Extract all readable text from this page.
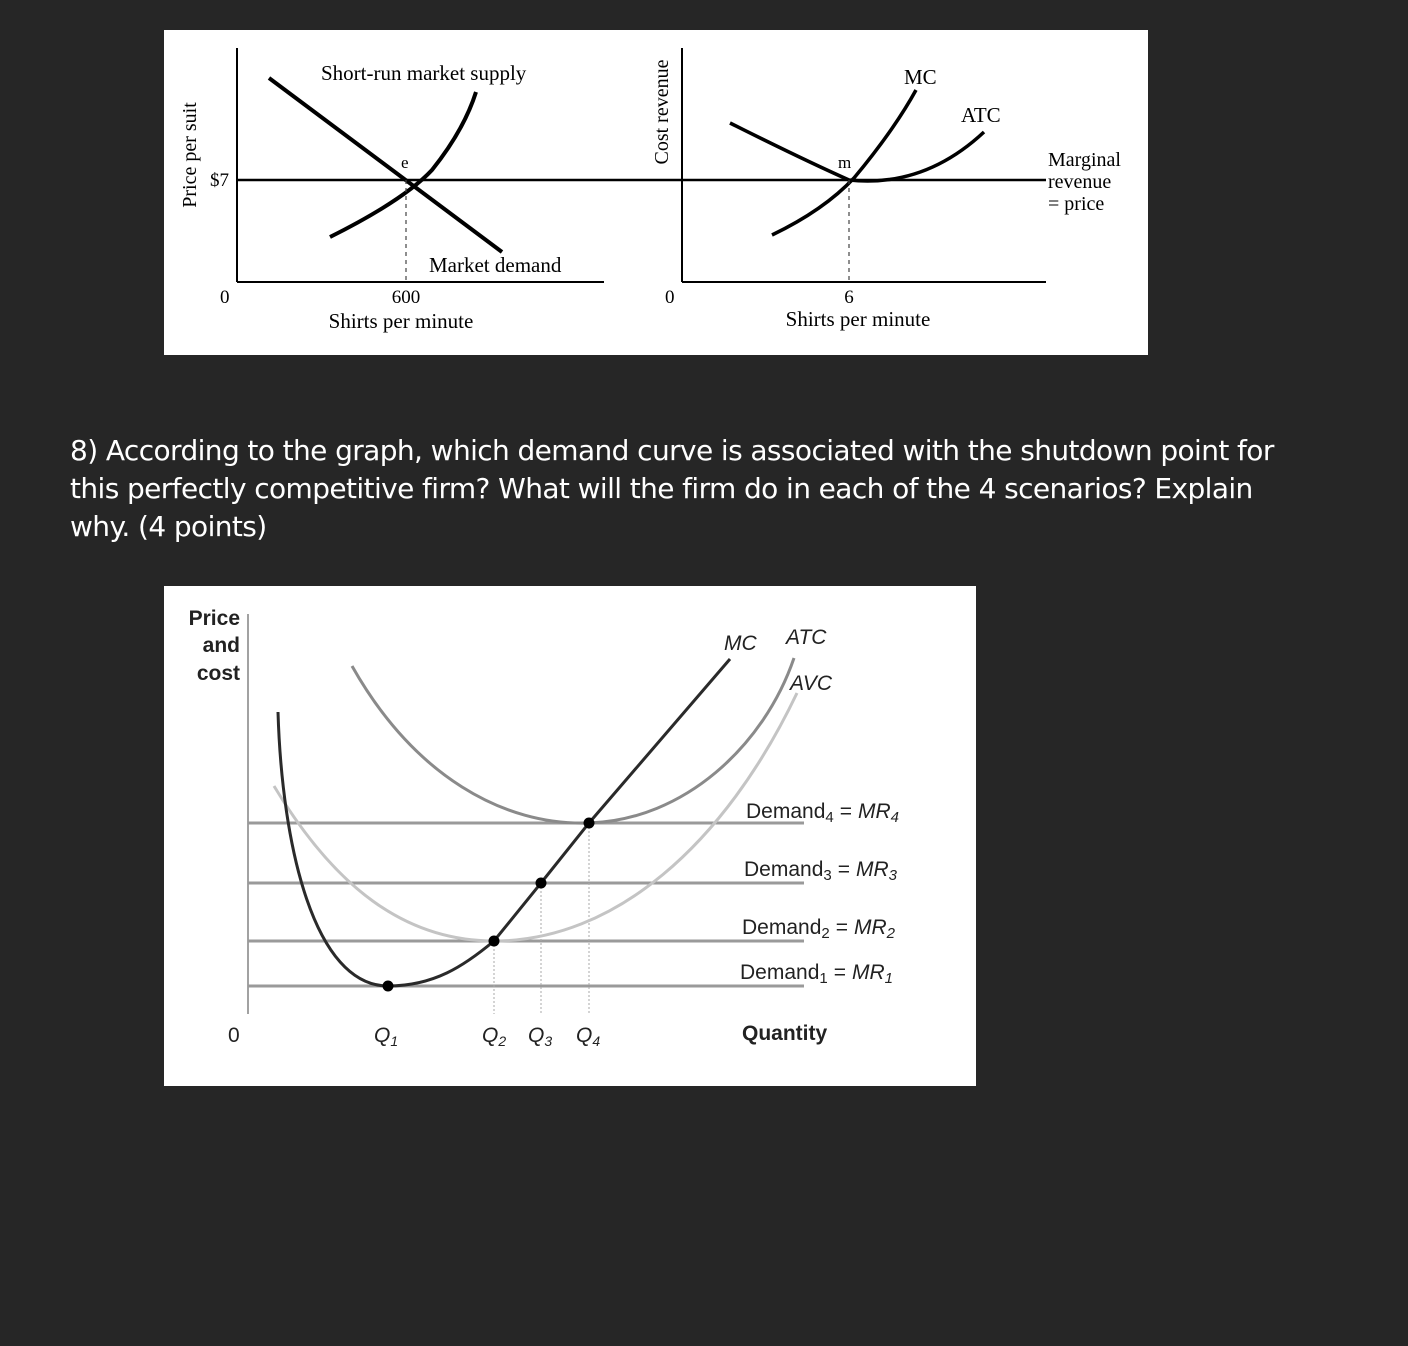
Price per suit $7
0
Short-run market supply
Market demand
e
600
Shirts per minute
Cost revenue
0
MC
ATC
m	Marginal
revenue
= price
6
Shirts per minute

8) According to the graph, which demand curve is associated with the shutdown point for this perfectly competitive firm? What will the firm do in each of the 4 scenarios? Explain why. (4 points)

Price
and
cost
MC ATC
AVC
Demand4 = MR4
Demand3 = MR3
Demand2 = MR2
Demand1 = MR1
0	Q1	Q2 Q3 Q4	Quantity
